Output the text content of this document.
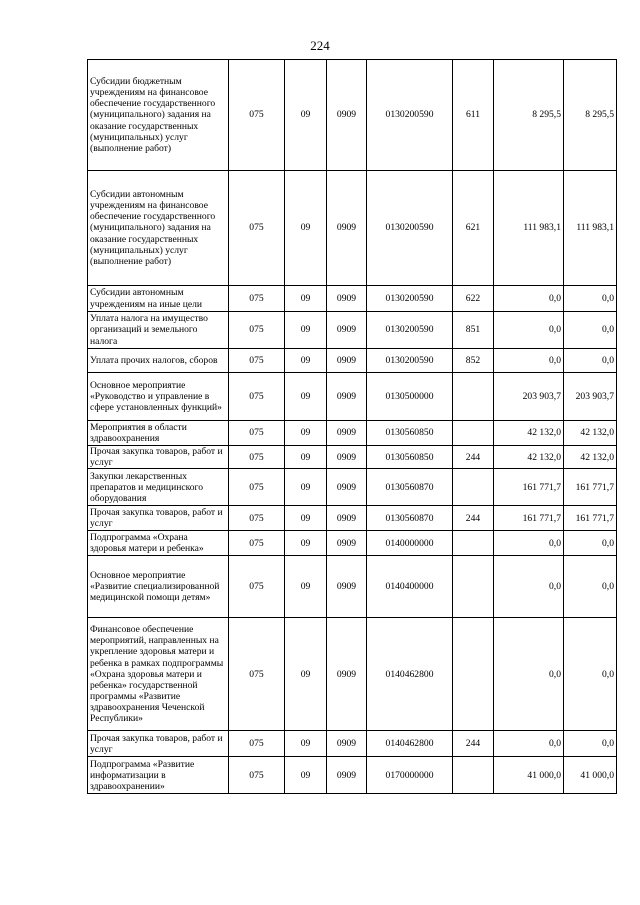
224
Субсидии бюджетным учреждениям на финансовое обеспечение государственного (муниципального) задания на оказание государственных (муниципальных) услуг (выполнение работ)	075	09	0909	0130200590	611	8 295,5	8 295,5
Субсидии автономным учреждениям на финансовое обеспечение государственного (муниципального) задания на оказание государственных (муниципальных) услуг (выполнение работ)	075	09	0909	0130200590	621	111 983,1	111 983,1
Субсидии автономным учреждениям на иные цели	075	09	0909	0130200590	622	0,0	0,0
Уплата налога на имущество организаций и земельного налога	075	09	0909	0130200590	851	0,0	0,0
Уплата прочих налогов, сборов	075	09	0909	0130200590	852	0,0	0,0
Основное мероприятие «Руководство и управление в сфере установленных функций»	075	09	0909	0130500000		203 903,7	203 903,7
Мероприятия в области здравоохранения	075	09	0909	0130560850		42 132,0	42 132,0
Прочая закупка товаров, работ и услуг	075	09	0909	0130560850	244	42 132,0	42 132,0
Закупки лекарственных препаратов и медицинского оборудования	075	09	0909	0130560870		161 771,7	161 771,7
Прочая закупка товаров, работ и услуг	075	09	0909	0130560870	244	161 771,7	161 771,7
Подпрограмма «Охрана здоровья матери и ребенка»	075	09	0909	0140000000		0,0	0,0
Основное мероприятие «Развитие специализированной медицинской помощи детям»	075	09	0909	0140400000		0,0	0,0
Финансовое обеспечение мероприятий, направленных на укрепление здоровья матери и ребенка в рамках подпрограммы «Охрана здоровья матери и ребенка» государственной программы «Развитие здравоохранения Чеченской Республики»	075	09	0909	0140462800		0,0	0,0
Прочая закупка товаров, работ и услуг	075	09	0909	0140462800	244	0,0	0,0
Подпрограмма «Развитие информатизации в здравоохранении»	075	09	0909	0170000000		41 000,0	41 000,0
